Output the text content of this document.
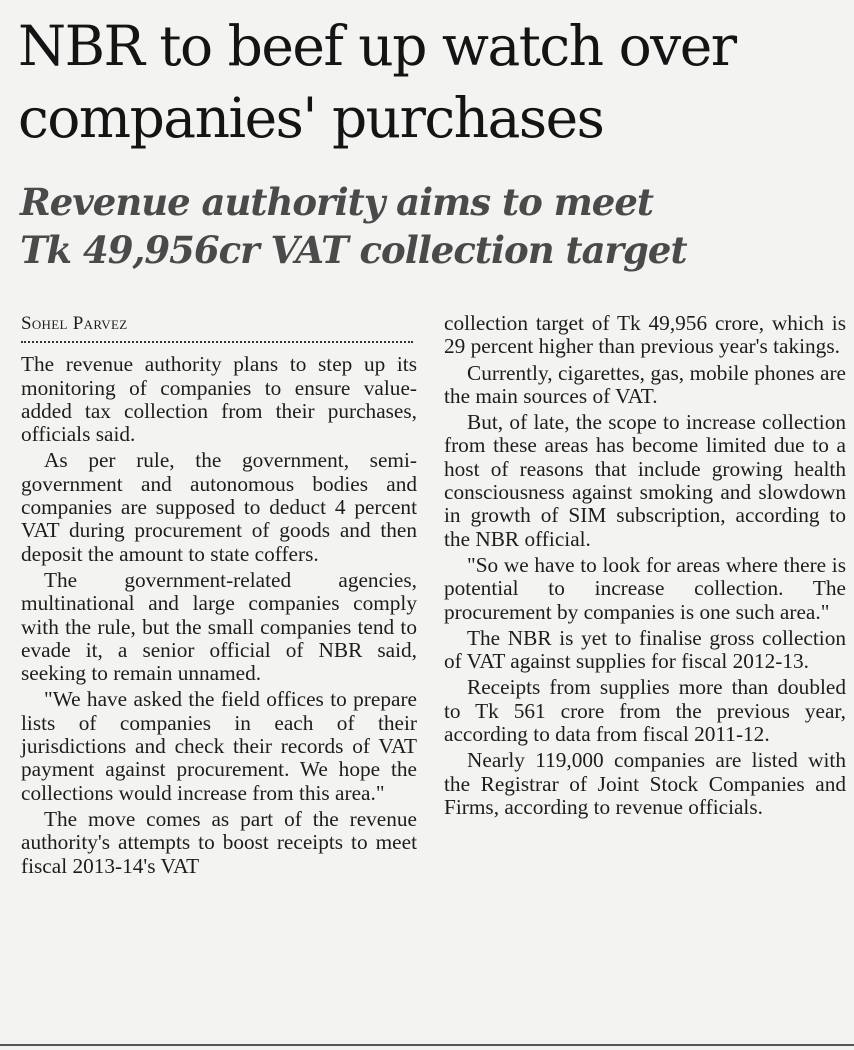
NBR to beef up watch over
companies' purchases
Revenue authority aims to meet
Tk 49,956cr VAT collection target
Sohel Parvez

The revenue authority plans to step up its monitoring of companies to ensure value-added tax collection from their purchases, officials said.

As per rule, the government, semi-government and autonomous bodies and companies are supposed to deduct 4 percent VAT during procurement of goods and then deposit the amount to state coffers.

The government-related agencies, multinational and large companies comply with the rule, but the small companies tend to evade it, a senior official of NBR said, seeking to remain unnamed.

"We have asked the field offices to prepare lists of companies in each of their jurisdictions and check their records of VAT payment against procurement. We hope the collections would increase from this area."

The move comes as part of the revenue authority's attempts to boost receipts to meet fiscal 2013-14's VAT

collection target of Tk 49,956 crore, which is 29 percent higher than previous year's takings.

Currently, cigarettes, gas, mobile phones are the main sources of VAT.

But, of late, the scope to increase collection from these areas has become limited due to a host of reasons that include growing health consciousness against smoking and slowdown in growth of SIM subscription, according to the NBR official.

"So we have to look for areas where there is potential to increase collection. The procurement by companies is one such area."

The NBR is yet to finalise gross collection of VAT against supplies for fiscal 2012-13.

Receipts from supplies more than doubled to Tk 561 crore from the previous year, according to data from fiscal 2011-12.

Nearly 119,000 companies are listed with the Registrar of Joint Stock Companies and Firms, according to revenue officials.
